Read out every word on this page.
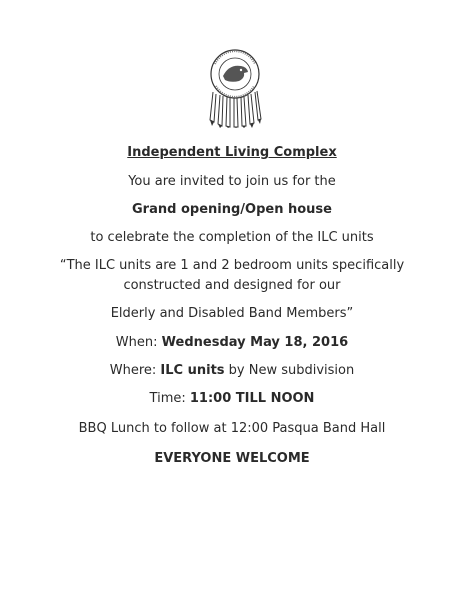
Independent Living Complex
You are invited to join us for the
Grand opening/Open house
to celebrate the completion of the ILC units
“The ILC units are 1 and 2 bedroom units specifically
constructed and designed for our
Elderly and Disabled Band Members”
When: Wednesday May 18, 2016
Where: ILC units by New subdivision
Time: 11:00 TILL NOON
BBQ Lunch to follow at 12:00 Pasqua Band Hall
EVERYONE WELCOME
